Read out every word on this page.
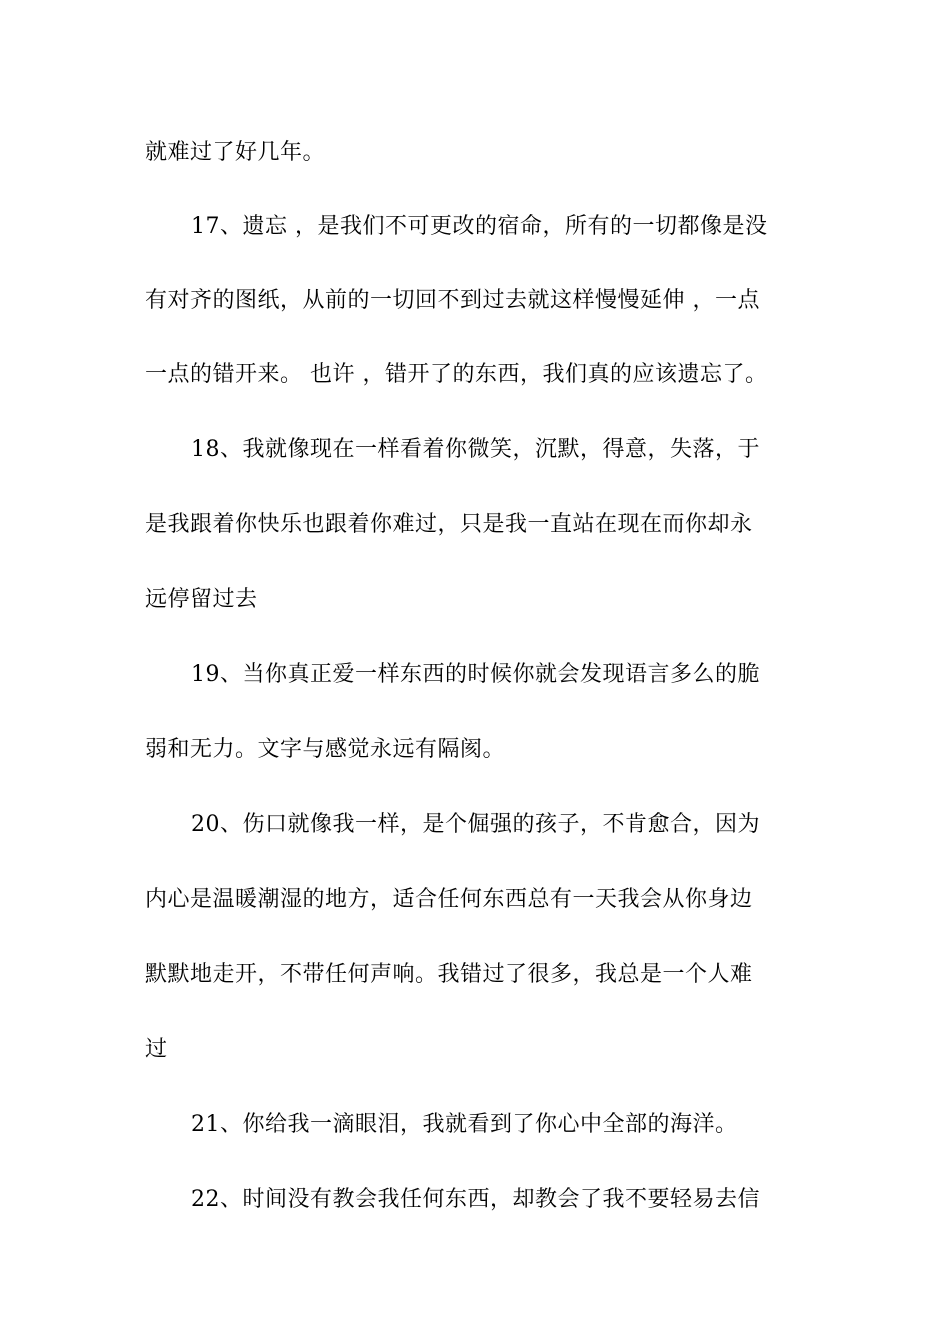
就难过了好几年。
17、遗忘 ，是我们不可更改的宿命，所有的一切都像是没
有对齐的图纸，从前的一切回不到过去就这样慢慢延伸 ，一点
一点的错开来。 也许 ，错开了的东西，我们真的应该遗忘了。
18、我就像现在一样看着你微笑，沉默，得意，失落，于
是我跟着你快乐也跟着你难过，只是我一直站在现在而你却永
远停留过去
19、当你真正爱一样东西的时候你就会发现语言多么的脆
弱和无力。文字与感觉永远有隔阂。
20、伤口就像我一样，是个倔强的孩子，不肯愈合，因为
内心是温暖潮湿的地方，适合任何东西总有一天我会从你身边
默默地走开，不带任何声响。我错过了很多，我总是一个人难
过
21、你给我一滴眼泪，我就看到了你心中全部的海洋。
22、时间没有教会我任何东西，却教会了我不要轻易去信
